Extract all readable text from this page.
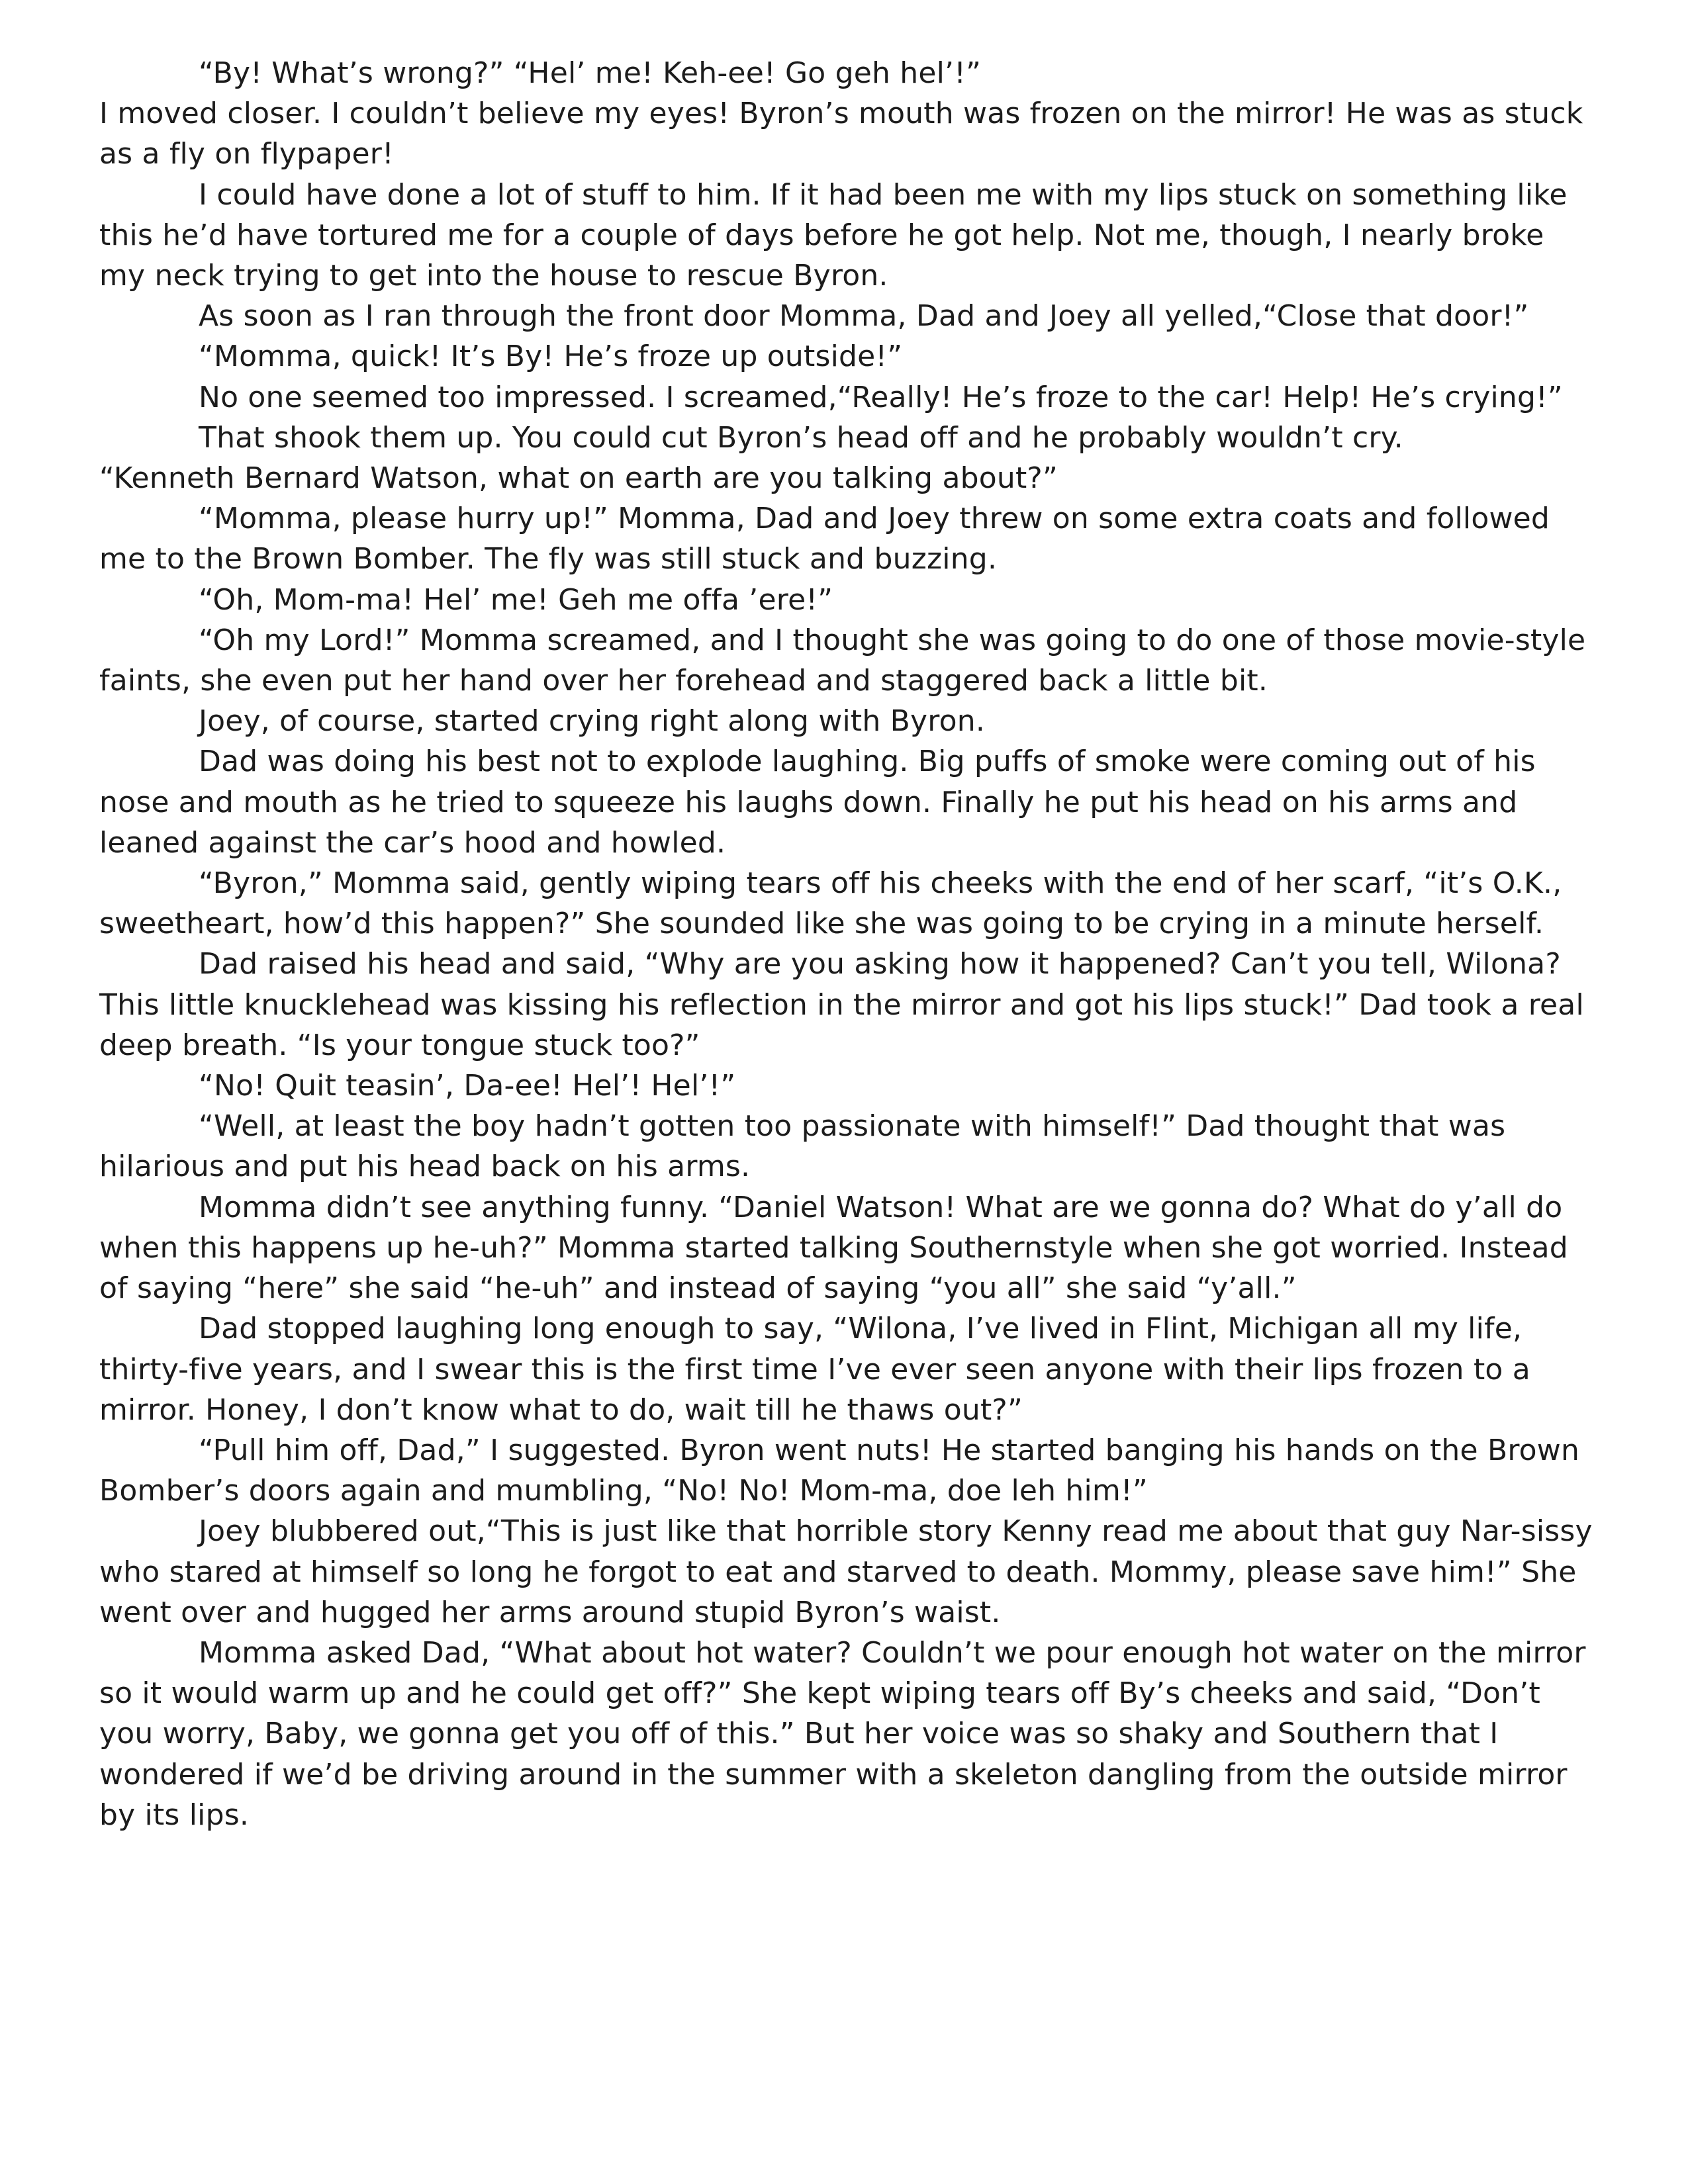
“By! What’s wrong?” “Hel’ me! Keh-ee! Go geh hel’!”

I moved closer. I couldn’t believe my eyes! Byron’s mouth was frozen on the mirror! He was as stuck as a fly on flypaper!

I could have done a lot of stuff to him. If it had been me with my lips stuck on something like this he’d have tortured me for a couple of days before he got help. Not me, though, I nearly broke my neck trying to get into the house to rescue Byron.

As soon as I ran through the front door Momma, Dad and Joey all yelled,“Close that door!”

“Momma, quick! It’s By! He’s froze up outside!”

No one seemed too impressed. I screamed,“Really! He’s froze to the car! Help! He’s crying!”

That shook them up. You could cut Byron’s head off and he probably wouldn’t cry.

“Kenneth Bernard Watson, what on earth are you talking about?”

“Momma, please hurry up!” Momma, Dad and Joey threw on some extra coats and followed me to the Brown Bomber. The fly was still stuck and buzzing.

“Oh, Mom-ma! Hel’ me! Geh me offa ’ere!”

“Oh my Lord!” Momma screamed, and I thought she was going to do one of those movie-style faints, she even put her hand over her forehead and staggered back a little bit.

Joey, of course, started crying right along with Byron.

Dad was doing his best not to explode laughing. Big puffs of smoke were coming out of his nose and mouth as he tried to squeeze his laughs down. Finally he put his head on his arms and leaned against the car’s hood and howled.

“Byron,” Momma said, gently wiping tears off his cheeks with the end of her scarf, “it’s O.K., sweetheart, how’d this happen?” She sounded like she was going to be crying in a minute herself.

Dad raised his head and said, “Why are you asking how it happened? Can’t you tell, Wilona? This little knucklehead was kissing his reflection in the mirror and got his lips stuck!” Dad took a real deep breath. “Is your tongue stuck too?”

“No! Quit teasin’, Da-ee! Hel’! Hel’!”

“Well, at least the boy hadn’t gotten too passionate with himself!” Dad thought that was hilarious and put his head back on his arms.

Momma didn’t see anything funny. “Daniel Watson! What are we gonna do? What do y’all do when this happens up he-uh?” Momma started talking Southernstyle when she got worried. Instead of saying “here” she said “he-uh” and instead of saying “you all” she said “y’all.”

Dad stopped laughing long enough to say, “Wilona, I’ve lived in Flint, Michigan all my life, thirty-five years, and I swear this is the first time I’ve ever seen anyone with their lips frozen to a mirror. Honey, I don’t know what to do, wait till he thaws out?”

“Pull him off, Dad,” I suggested. Byron went nuts! He started banging his hands on the Brown Bomber’s doors again and mumbling, “No! No! Mom-ma, doe leh him!”

Joey blubbered out,“This is just like that horrible story Kenny read me about that guy Nar-sissy who stared at himself so long he forgot to eat and starved to death. Mommy, please save him!” She went over and hugged her arms around stupid Byron’s waist.

Momma asked Dad, “What about hot water? Couldn’t we pour enough hot water on the mirror so it would warm up and he could get off?” She kept wiping tears off By’s cheeks and said, “Don’t you worry, Baby, we gonna get you off of this.” But her voice was so shaky and Southern that I wondered if we’d be driving around in the summer with a skeleton dangling from the outside mirror by its lips.
